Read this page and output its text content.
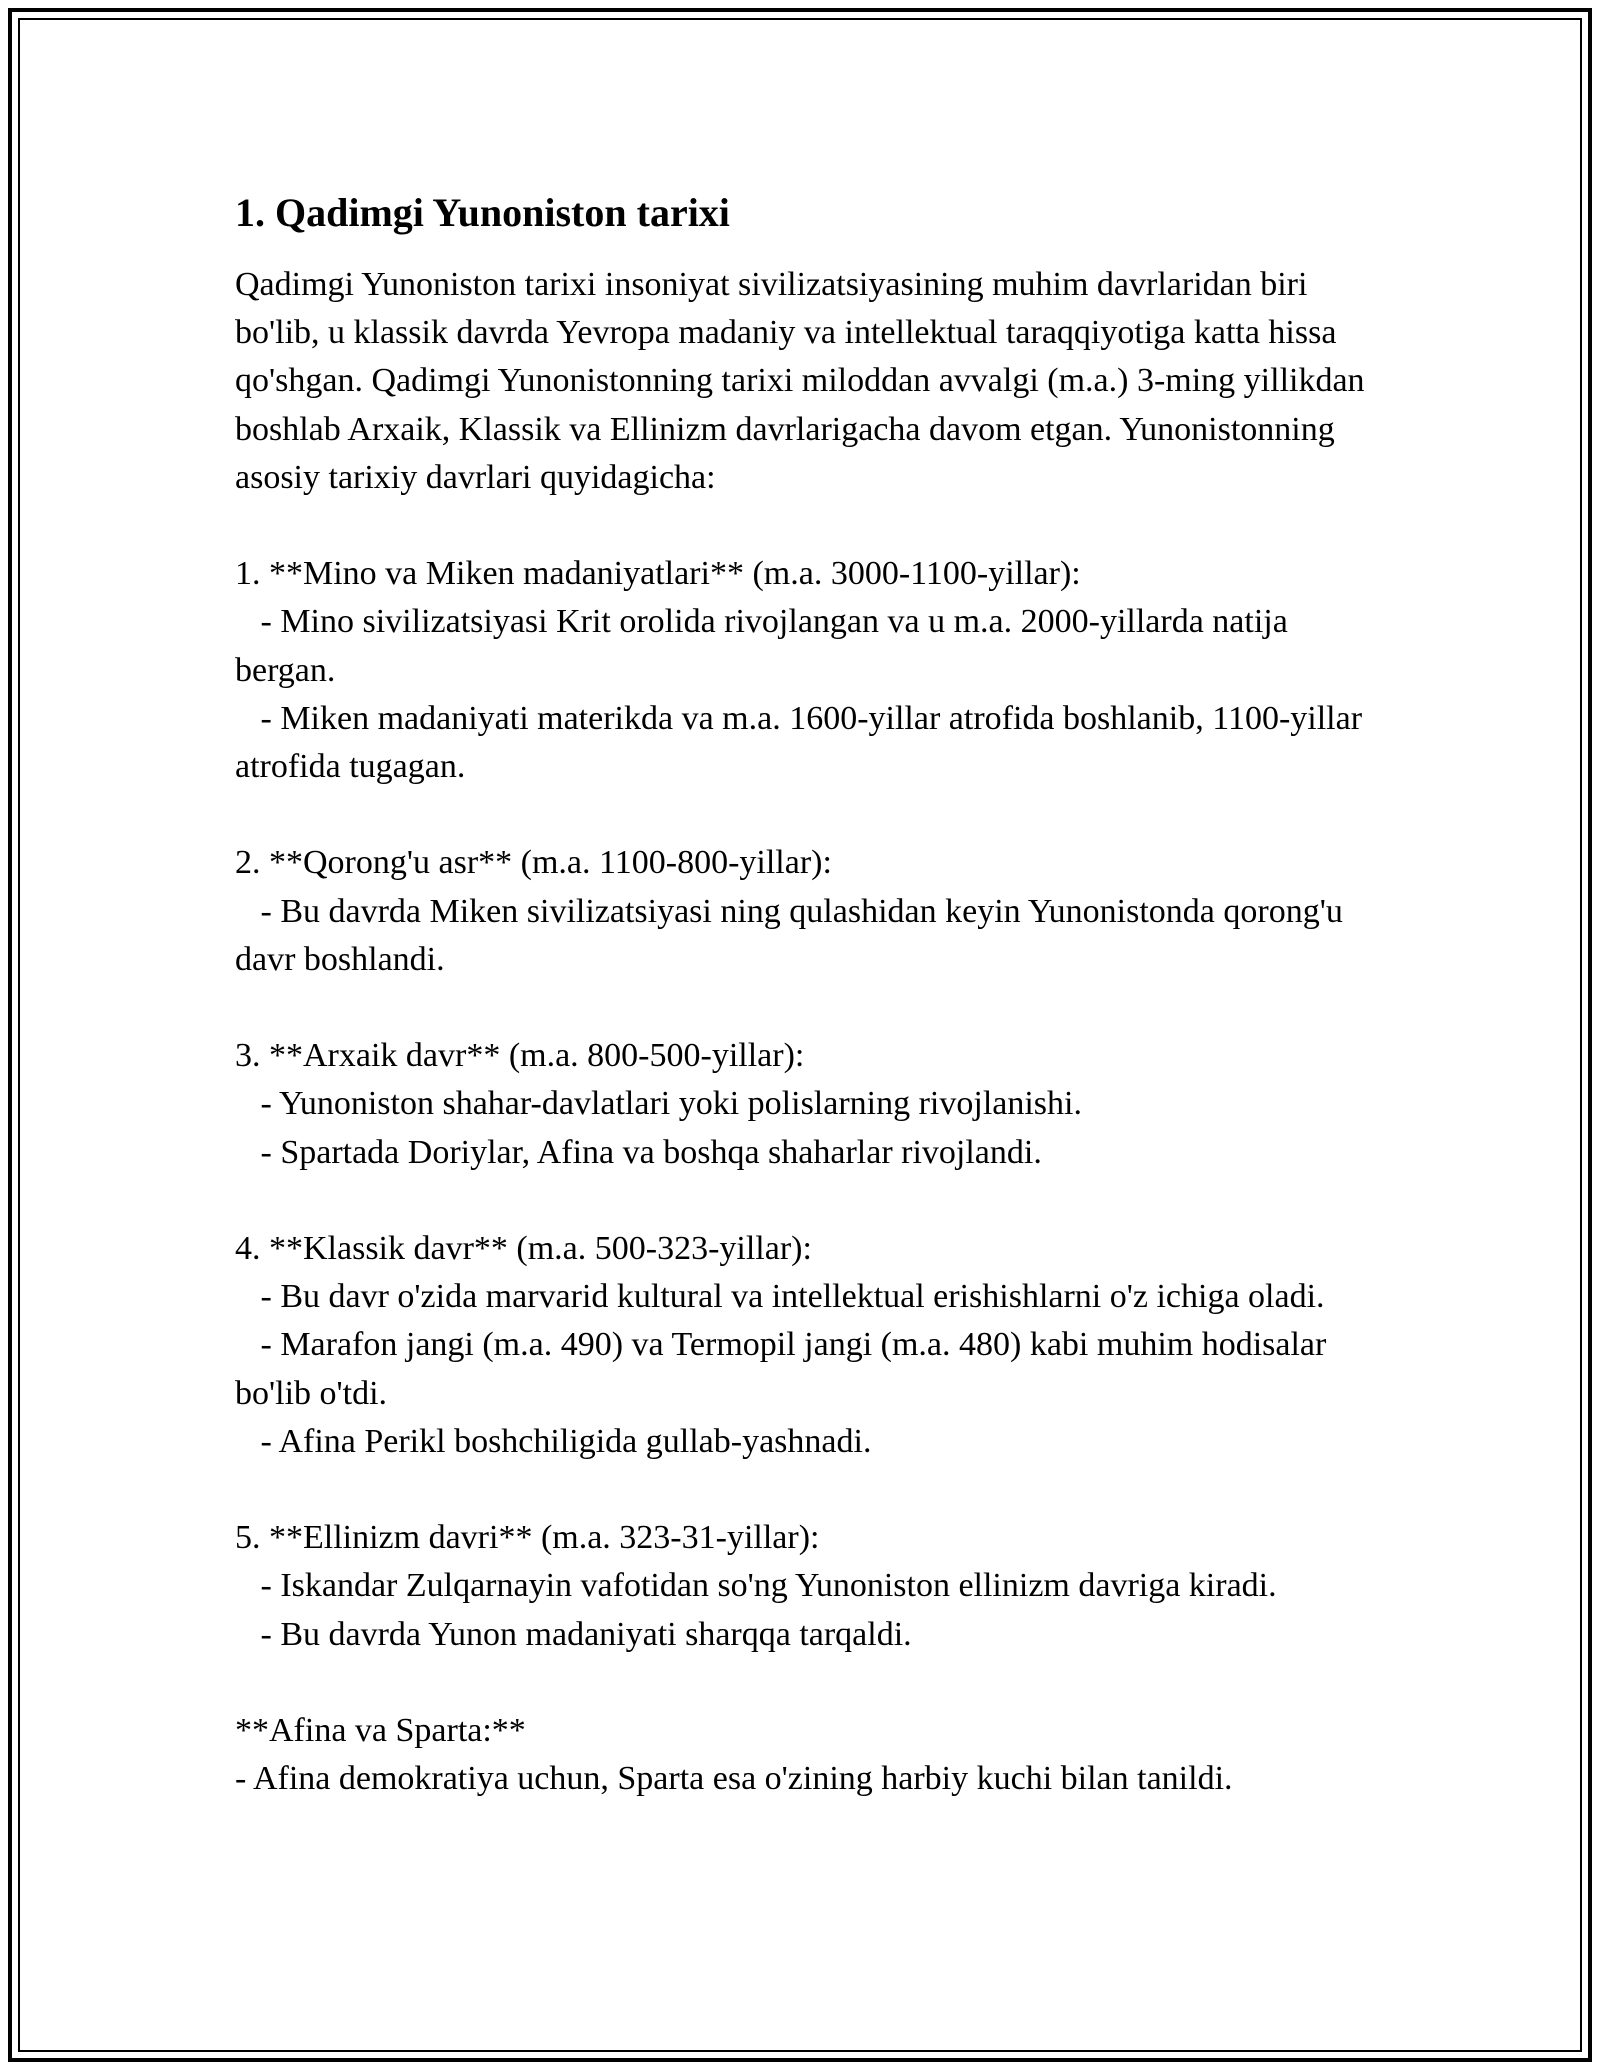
1. Qadimgi Yunoniston tarixi

Qadimgi Yunoniston tarixi insoniyat sivilizatsiyasining muhim davrlaridan biri bo'lib, u klassik davrda Yevropa madaniy va intellektual taraqqiyotiga katta hissa qo'shgan. Qadimgi Yunonistonning tarixi miloddan avvalgi (m.a.) 3-ming yillikdan boshlab Arxaik, Klassik va Ellinizm davrlarigacha davom etgan. Yunonistonning asosiy tarixiy davrlari quyidagicha:

1. **Mino va Miken madaniyatlari** (m.a. 3000-1100-yillar):

- Mino sivilizatsiyasi Krit orolida rivojlangan va u m.a. 2000-yillarda natija bergan.

- Miken madaniyati materikda va m.a. 1600-yillar atrofida boshlanib, 1100-yillar atrofida tugagan.

2. **Qorong'u asr** (m.a. 1100-800-yillar):

- Bu davrda Miken sivilizatsiyasi ning qulashidan keyin Yunonistonda qorong'u davr boshlandi.

3. **Arxaik davr** (m.a. 800-500-yillar):

- Yunoniston shahar-davlatlari yoki polislarning rivojlanishi.

- Spartada Doriylar, Afina va boshqa shaharlar rivojlandi.

4. **Klassik davr** (m.a. 500-323-yillar):

- Bu davr o'zida marvarid kultural va intellektual erishishlarni o'z ichiga oladi.

- Marafon jangi (m.a. 490) va Termopil jangi (m.a. 480) kabi muhim hodisalar bo'lib o'tdi.

- Afina Perikl boshchiligida gullab-yashnadi.

5. **Ellinizm davri** (m.a. 323-31-yillar):

- Iskandar Zulqarnayin vafotidan so'ng Yunoniston ellinizm davriga kiradi.

- Bu davrda Yunon madaniyati sharqqa tarqaldi.

**Afina va Sparta:**

- Afina demokratiya uchun, Sparta esa o'zining harbiy kuchi bilan tanildi.
